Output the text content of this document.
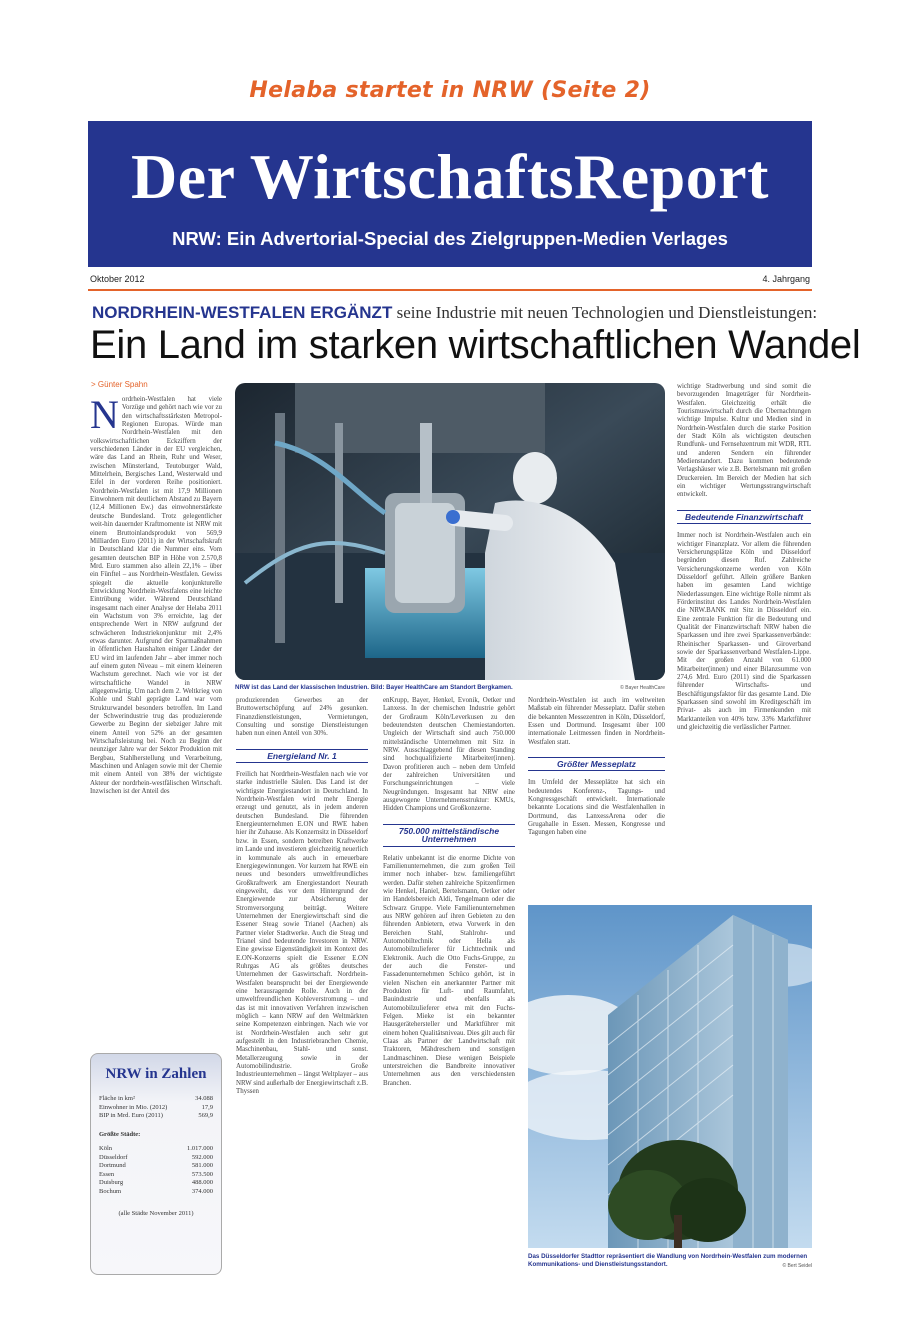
Helaba startet in NRW (Seite 2)
Der WirtschaftsReport
NRW: Ein Advertorial-Special des Zielgruppen-Medien Verlages
Oktober 2012	4. Jahrgang
NORDRHEIN-WESTFALEN ERGÄNZT seine Industrie mit neuen Technologien und Dienstleistungen:
Ein Land im starken wirtschaftlichen Wandel
> Günter Spahn
Nordrhein-Westfalen hat viele Vorzüge und gehört nach wie vor zu den wirtschaftsstärksten Metropol-Regionen Europas. Würde man Nordrhein-Westfalen mit den volkswirtschaftlichen Eckziffern der verschiedenen Länder in der EU vergleichen, wäre das Land an Rhein, Ruhr und Weser, zwischen Münsterland, Teutoburger Wald, Mittelrhein, Bergisches Land, Westerwald und Eifel in der vorderen Reihe positioniert. Nordrhein-Westfalen ist mit 17,9 Millionen Einwohnern mit deutlichem Abstand zu Bayern (12,4 Millionen Ew.) das einwohnerstärkste deutsche Bundesland. Trotz gelegentlicher weit-hin dauernder Kraftmomente ist NRW mit einem Bruttoinlandsprodukt von 569,9 Milliarden Euro (2011) in der Wirtschaftskraft in Deutschland klar die Nummer eins. Vom gesamten deutschen BIP in Höhe von 2.570,8 Mrd. Euro stammen also allein 22,1% – über ein Fünftel – aus Nordrhein-Westfalen. Gewiss spiegelt die aktuelle konjunkturelle Entwicklung Nordrhein-Westfalens eine leichte Eintrübung wider. Während Deutschland insgesamt nach einer Analyse der Helaba 2011 ein Wachstum von 3% erreichte, lag der entsprechende Wert in NRW aufgrund der schwächeren Industriekonjunktur mit 2,4% etwas darunter. Aufgrund der Sparmaßnahmen in öffentlichen Haushalten einiger Länder der EU wird im laufenden Jahr – aber immer noch auf einem guten Niveau – mit einem kleineren Wachstum gerechnet. Nach wie vor ist der wirtschaftliche Wandel in NRW allgegenwärtig. Um nach dem 2. Weltkrieg von Kohle und Stahl geprägte Land war vom Strukturwandel besonders betroffen. Im Land der Schwerindustrie trug das produzierende Gewerbe zu Beginn der siebziger Jahre mit einem Anteil von 52% an der gesamten Wirtschaftsleistung bei. Noch zu Beginn der neunziger Jahre war der Sektor Produktion mit Bergbau, Stahlherstellung und Verarbeitung, Maschinen und Anlagen sowie mit der Chemie mit einem Anteil von 38% der wichtigste Akteur der nordrhein-westfälischen Wirtschaft. Inzwischen ist der Anteil des
NRW ist das Land der klassischen Industrien. Bild: Bayer HealthCare am Standort Bergkamen.	© Bayer HealthCare
produzierenden Gewerbes an der Bruttowertschöpfung auf 24% gesunken. Finanzdienstleistungen, Vermietungen, Consulting und sonstige Dienstleistungen haben nun einen Anteil von 30%.
Energieland Nr. 1
Freilich hat Nordrhein-Westfalen nach wie vor starke industrielle Säulen. Das Land ist der wichtigste Energiestandort in Deutschland. In Nordrhein-Westfalen wird mehr Energie erzeugt und genutzt, als in jedem anderen deutschen Bundesland. Die führenden Energieunternehmen E.ON und RWE haben hier ihr Zuhause. Als Konzernsitz in Düsseldorf bzw. in Essen, sondern betreiben Kraftwerke im Lande und investieren gleichzeitig neuerlich in kommunale als auch in erneuerbare Energiegewinnungen. Vor kurzem hat RWE ein neues und besonders umweltfreundliches Großkraftwerk am Energiestandort Neurath eingeweiht, das vor dem Hintergrund der Energiewende zur Absicherung der Stromversorgung beiträgt. Weitere Unternehmen der Energiewirtschaft sind die Essener Steag sowie Trianel (Aachen) als Partner vieler Stadtwerke. Auch die Steag und Trianel sind bedeutende Investoren in NRW. Eine gewisse Eigenständigkeit im Kontext des E.ON-Konzerns spielt die Essener E.ON Ruhrgas AG als größtes deutsches Unternehmen der Gaswirtschaft. Nordrhein-Westfalen beansprucht bei der Energiewende eine herausragende Rolle. Auch in der umweltfreundlichen Kohleverstromung – und das ist mit innovativen Verfahren inzwischen möglich – kann NRW auf den Weltmärkten seine Kompetenzen einbringen. Nach wie vor ist Nordrhein-Westfalen auch sehr gut aufgestellt in den Industriebranchen Chemie, Maschinenbau, Stahl- und sonst. Metallerzeugung sowie in der Automobilindustrie. Große Industrieunternehmen – längst Weltplayer – aus NRW sind außerhalb der Energiewirtschaft z.B. Thyssen
enKrupp, Bayer, Henkel, Evonik, Oetker und Lanxess. In der chemischen Industrie gehört der Großraum Köln/Leverkusen zu den bedeutendsten deutschen Chemiestandorten. Ungleich der Wirtschaft sind auch 750.000 mittelständische Unternehmen mit Sitz in NRW. Ausschlaggebend für diesen Standing sind hochqualifizierte Mitarbeiter(innen). Davon profitieren auch – neben dem Umfeld der zahlreichen Universitäten und Forschungseinrichtungen – viele Neugründungen. Insgesamt hat NRW eine ausgewogene Unternehmensstruktur: KMUs, Hidden Champions und Großkonzerne.
750.000 mittelständische Unternehmen
Relativ unbekannt ist die enorme Dichte von Familienunternehmen, die zum großen Teil immer noch inhaber- bzw. familiengeführt werden. Dafür stehen zahlreiche Spitzenfirmen wie Henkel, Haniel, Bertelsmann, Oetker oder im Handelsbereich Aldi, Tengelmann oder die Schwarz Gruppe. Viele Familienunternehmen aus NRW gehören auf ihren Gebieten zu den führenden Anbietern, etwa Vorwerk in den Bereichen Stahl, Stahlrohr- und Automobiltechnik oder Hella als Automobilzulieferer für Lichttechnik und Elektronik. Auch die Otto Fuchs-Gruppe, zu der auch die Fenster- und Fassadenunternehmen Schüco gehört, ist in vielen Nischen ein anerkannter Partner mit Produkten für Luft- und Raumfahrt, Bauindustrie und ebenfalls als Automobilzulieferer etwa mit den Fuchs-Felgen. Mieke ist ein bekannter Hausgerätehersteller und Marktführer mit einem hohen Qualitätsniveau. Dies gilt auch für Claas als Partner der Landwirtschaft mit Traktoren, Mähdreschern und sonstigen Landmaschinen. Diese wenigen Beispiele unterstreichen die Bandbreite innovativer Unternehmen aus den verschiedensten Branchen.
Nordrhein-Westfalen ist auch im weltweiten Maßstab ein führender Messeplatz. Dafür stehen die bekannten Messezentren in Köln, Düsseldorf, Essen und Dortmund. Insgesamt über 100 internationale Leitmessen finden in Nordrhein-Westfalen statt.
Größter Messeplatz
Im Umfeld der Messeplätze hat sich ein bedeutendes Konferenz-, Tagungs- und Kongressgeschäft entwickelt. Internationale bekannte Locations sind die Westfalenhallen in Dortmund, das LanxessArena oder die Grugahalle in Essen. Messen, Kongresse und Tagungen haben eine
wichtige Stadtwerbung und sind somit die bevorzugenden Imageträger für Nordrhein-Westfalen. Gleichzeitig erhält die Tourismuswirtschaft durch die Übernachtungen wichtige Impulse. Kultur und Medien sind in Nordrhein-Westfalen durch die starke Position der Stadt Köln als wichtigsten deutschen Rundfunk- und Fernsehzentrum mit WDR, RTL und anderen Sendern ein führender Medienstandort. Dazu kommen bedeutende Verlagshäuser wie z.B. Bertelsmann mit großen Druckereien. Im Bereich der Medien hat sich ein wichtiger Wertungsstrangwirtschaft entwickelt.
Bedeutende Finanzwirtschaft
Immer noch ist Nordrhein-Westfalen auch ein wichtiger Finanzplatz. Vor allem die führenden Versicherungsplätze Köln und Düsseldorf begründen diesen Ruf. Zahlreiche Versicherungskonzerne werden von Köln Düsseldorf geführt. Allein größere Banken haben im gesamten Land wichtige Niederlassungen. Eine wichtige Rolle nimmt als Förderinstitut des Landes Nordrhein-Westfalen die NRW.BANK mit Sitz in Düsseldorf ein. Eine zentrale Funktion für die Bedeutung und Qualität der Finanzwirtschaft NRW haben die Sparkassen und ihre zwei Sparkassenverbände: Rheinischer Sparkassen- und Giroverband sowie der Sparkassenverband Westfalen-Lippe. Mit der großen Anzahl von 61.000 Mitarbeiter(innen) und einer Bilanzsumme von 274,6 Mrd. Euro (2011) sind die Sparkassen führender Wirtschafts- und Beschäftigungsfaktor für das gesamte Land. Die Sparkassen sind sowohl im Kreditgeschäft im Privat- als auch im Firmenkunden mit Marktanteilen von 40% bzw. 33% Marktführer und gleichzeitig die verlässlicher Partner.
Das Düsseldorfer Stadttor repräsentiert die Wandlung von Nordrhein-Westfalen zum modernen Kommunikations- und Dienstleistungsstandort.	© Bert Seidel
NRW in Zahlen
Fläche in km²	34.088
Einwohner in Mio. (2012)	17,9
BIP in Mrd. Euro (2011)	569,9
Größte Städte:
Köln	1.017.000
Düsseldorf	592.000
Dortmund	581.000
Essen	573.500
Duisburg	488.000
Bochum	374.000
(alle Städte November 2011)
